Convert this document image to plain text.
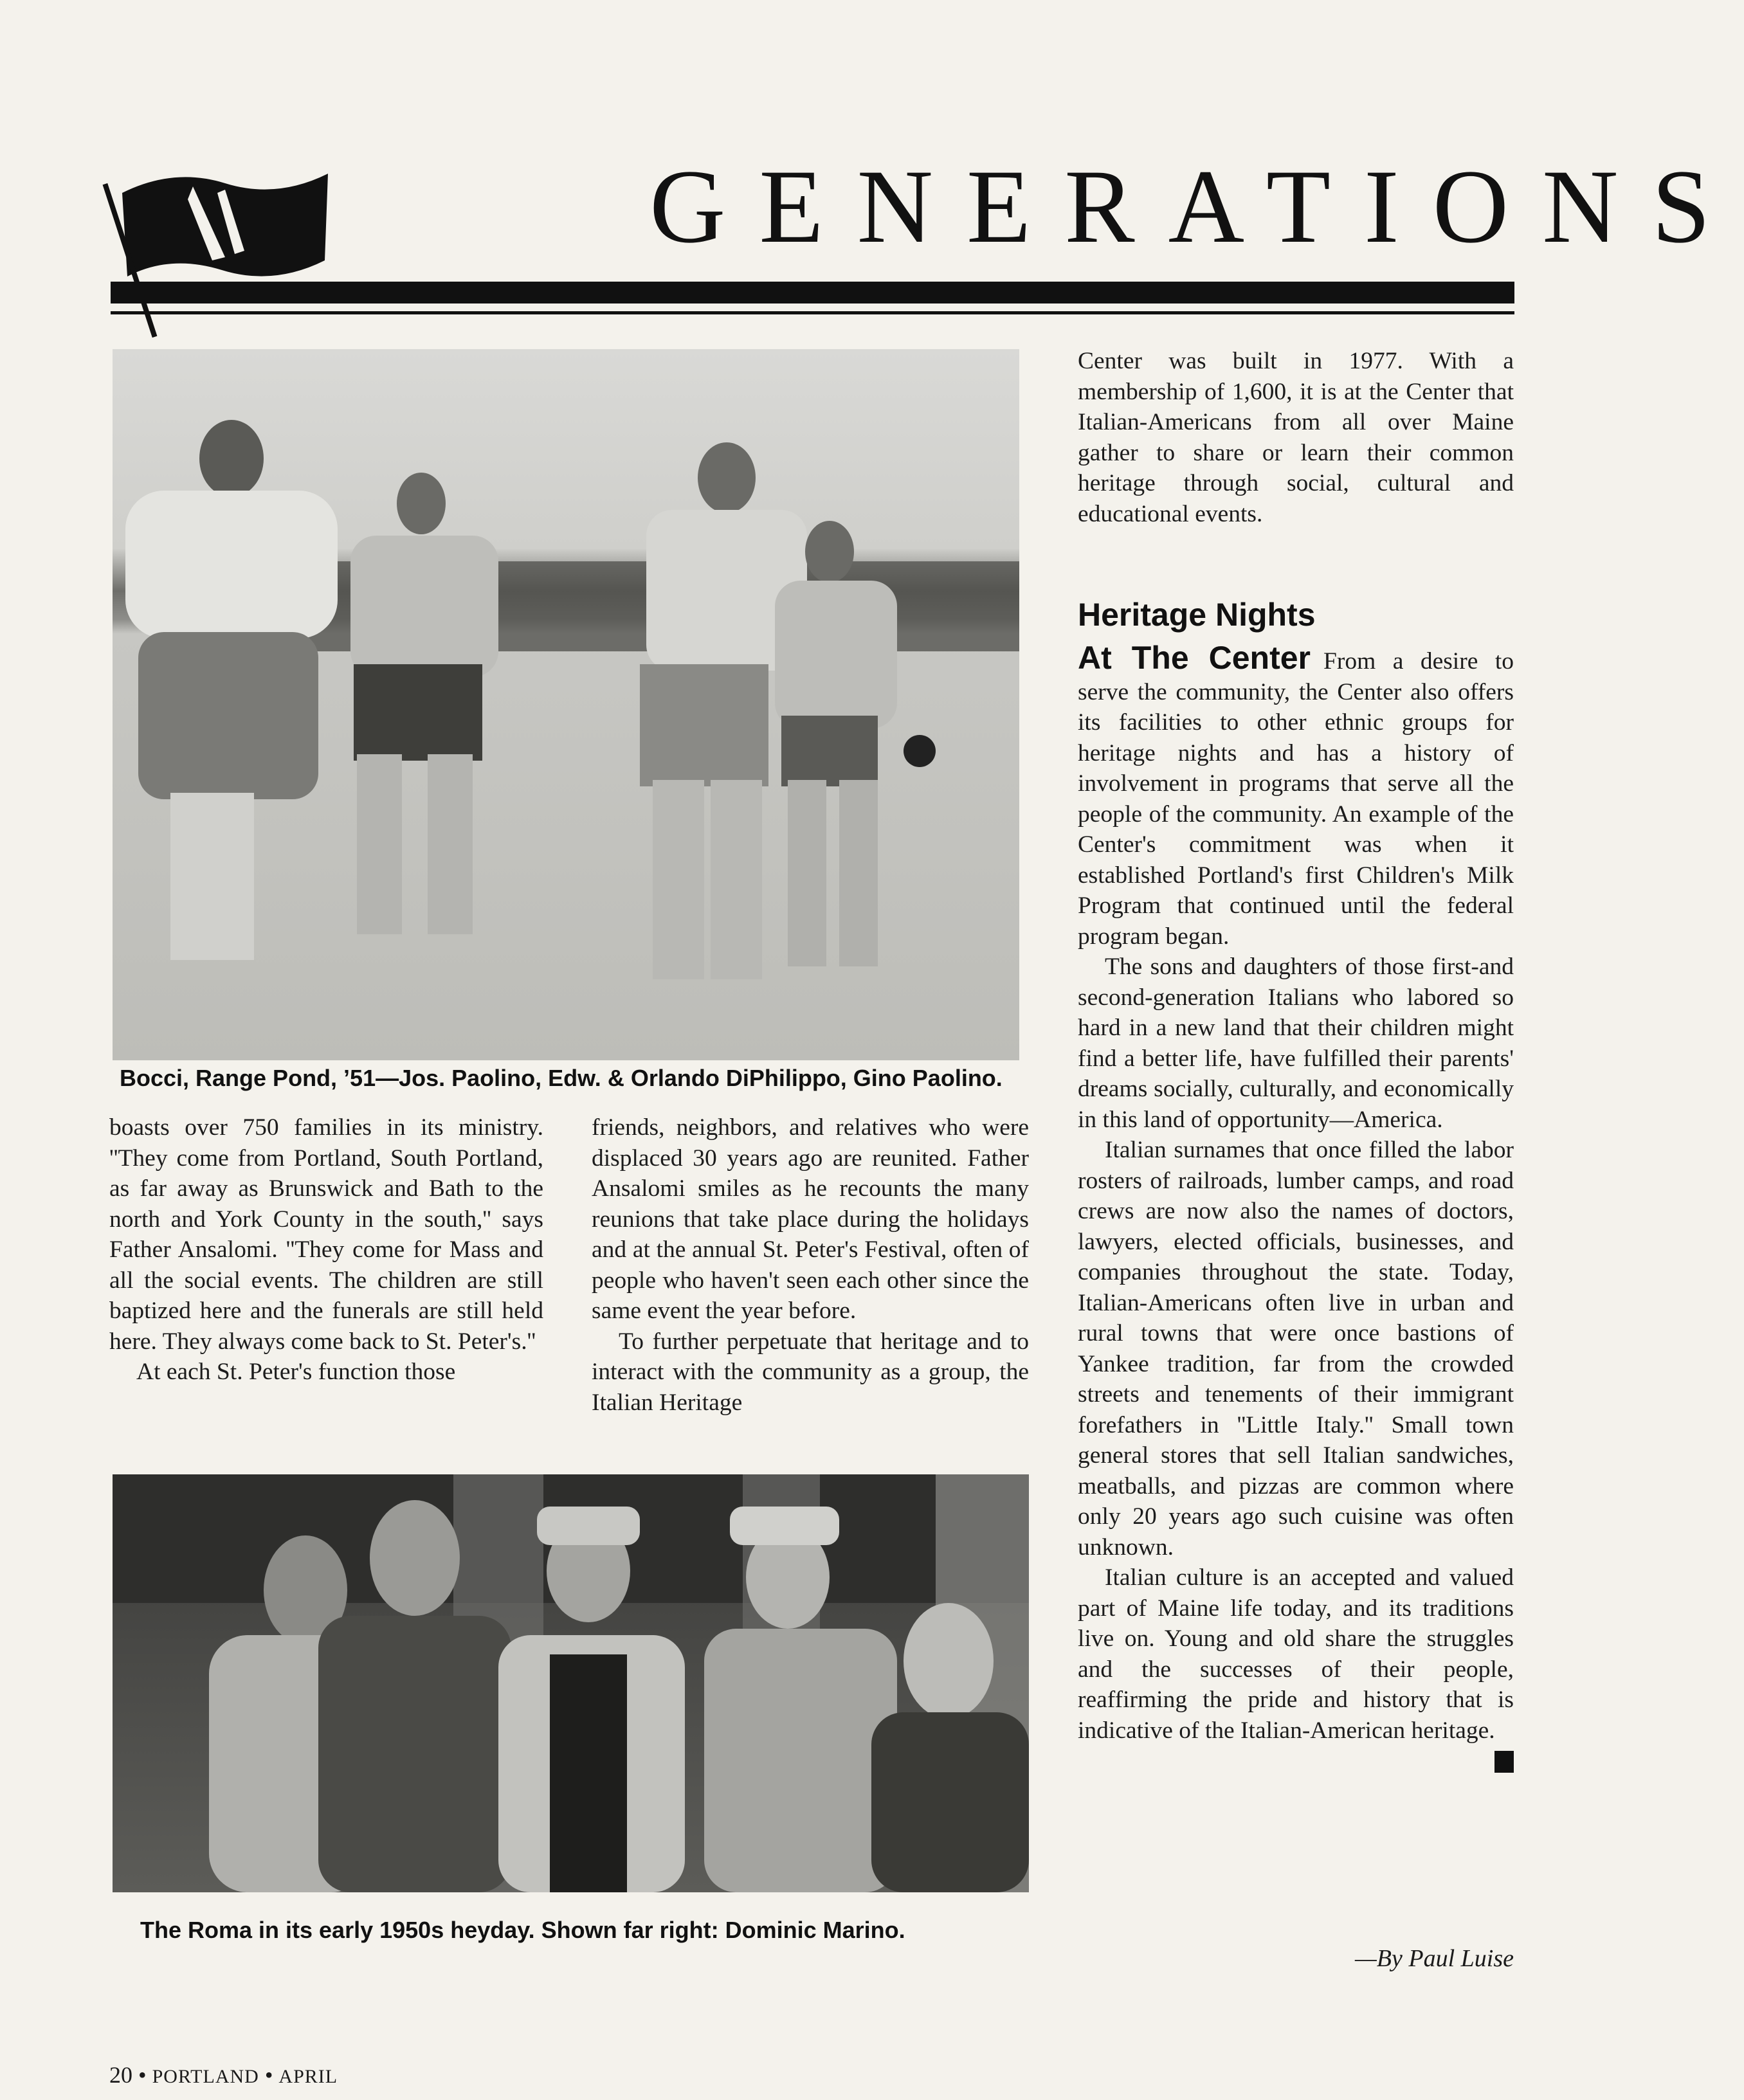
GENERATIONS
Bocci, Range Pond, ’51—Jos. Paolino, Edw. & Orlando DiPhilippo, Gino Paolino.

boasts over 750 families in its ministry. ''They come from Portland, South Portland, as far away as Brunswick and Bath to the north and York County in the south,'' says Father Ansalomi. ''They come for Mass and all the social events. The children are still baptized here and the funerals are still held here. They always come back to St. Peter's.''

At each St. Peter's function those

friends, neighbors, and relatives who were displaced 30 years ago are reunited. Father Ansalomi smiles as he recounts the many reunions that take place during the holidays and at the annual St. Peter's Festival, often of people who haven't seen each other since the same event the year before.

To further perpetuate that heritage and to interact with the community as a group, the Italian Heritage

The Roma in its early 1950s heyday. Shown far right: Dominic Marino.

Center was built in 1977. With a membership of 1,600, it is at the Center that Italian-Americans from all over Maine gather to share or learn their common heritage through social, cultural and educational events.

Heritage Nights

At The Center From a desire to serve the community, the Center also offers its facilities to other ethnic groups for heritage nights and has a history of involvement in programs that serve all the people of the community. An example of the Center's commitment was when it established Portland's first Children's Milk Program that continued until the federal program began.

The sons and daughters of those first-and second-generation Italians who labored so hard in a new land that their children might find a better life, have fulfilled their parents' dreams socially, culturally, and economically in this land of opportunity—America.

Italian surnames that once filled the labor rosters of railroads, lumber camps, and road crews are now also the names of doctors, lawyers, elected officials, businesses, and companies throughout the state. Today, Italian-Americans often live in urban and rural towns that were once bastions of Yankee tradition, far from the crowded streets and tenements of their immigrant forefathers in ''Little Italy.'' Small town general stores that sell Italian sandwiches, meatballs, and pizzas are common where only 20 years ago such cuisine was often unknown.

Italian culture is an accepted and valued part of Maine life today, and its traditions live on. Young and old share the struggles and the successes of their people, reaffirming the pride and history that is indicative of the Italian-American heritage.

—By Paul Luise
20 • PORTLAND • APRIL
